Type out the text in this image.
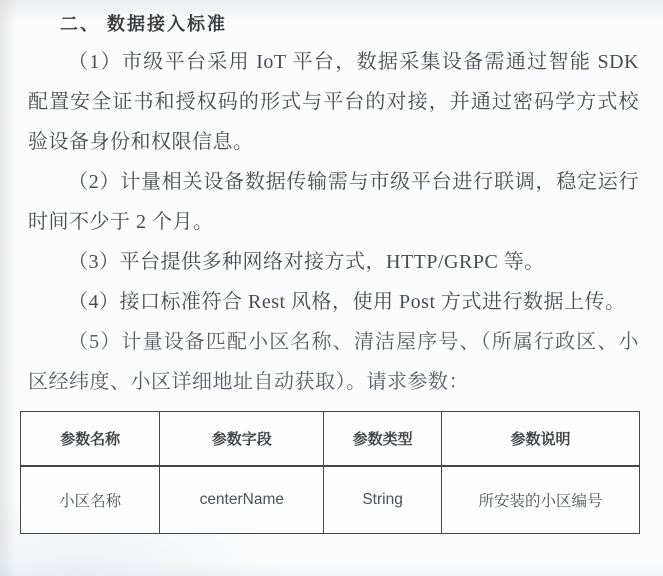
二、 数据接入标准

（1）市级平台采用 IoT 平台，数据采集设备需通过智能 SDK 配置安全证书和授权码的形式与平台的对接，并通过密码学方式校验设备身份和权限信息。

（2）计量相关设备数据传输需与市级平台进行联调，稳定运行时间不少于 2 个月。

（3）平台提供多种网络对接方式，HTTP/GRPC 等。

（4）接口标准符合 Rest 风格，使用 Post 方式进行数据上传。

（5）计量设备匹配小区名称、清洁屋序号、（所属行政区、小区经纬度、小区详细地址自动获取）。请求参数：

参数名称	参数字段	参数类型	参数说明
小区名称	centerName	String	所安装的小区编号
